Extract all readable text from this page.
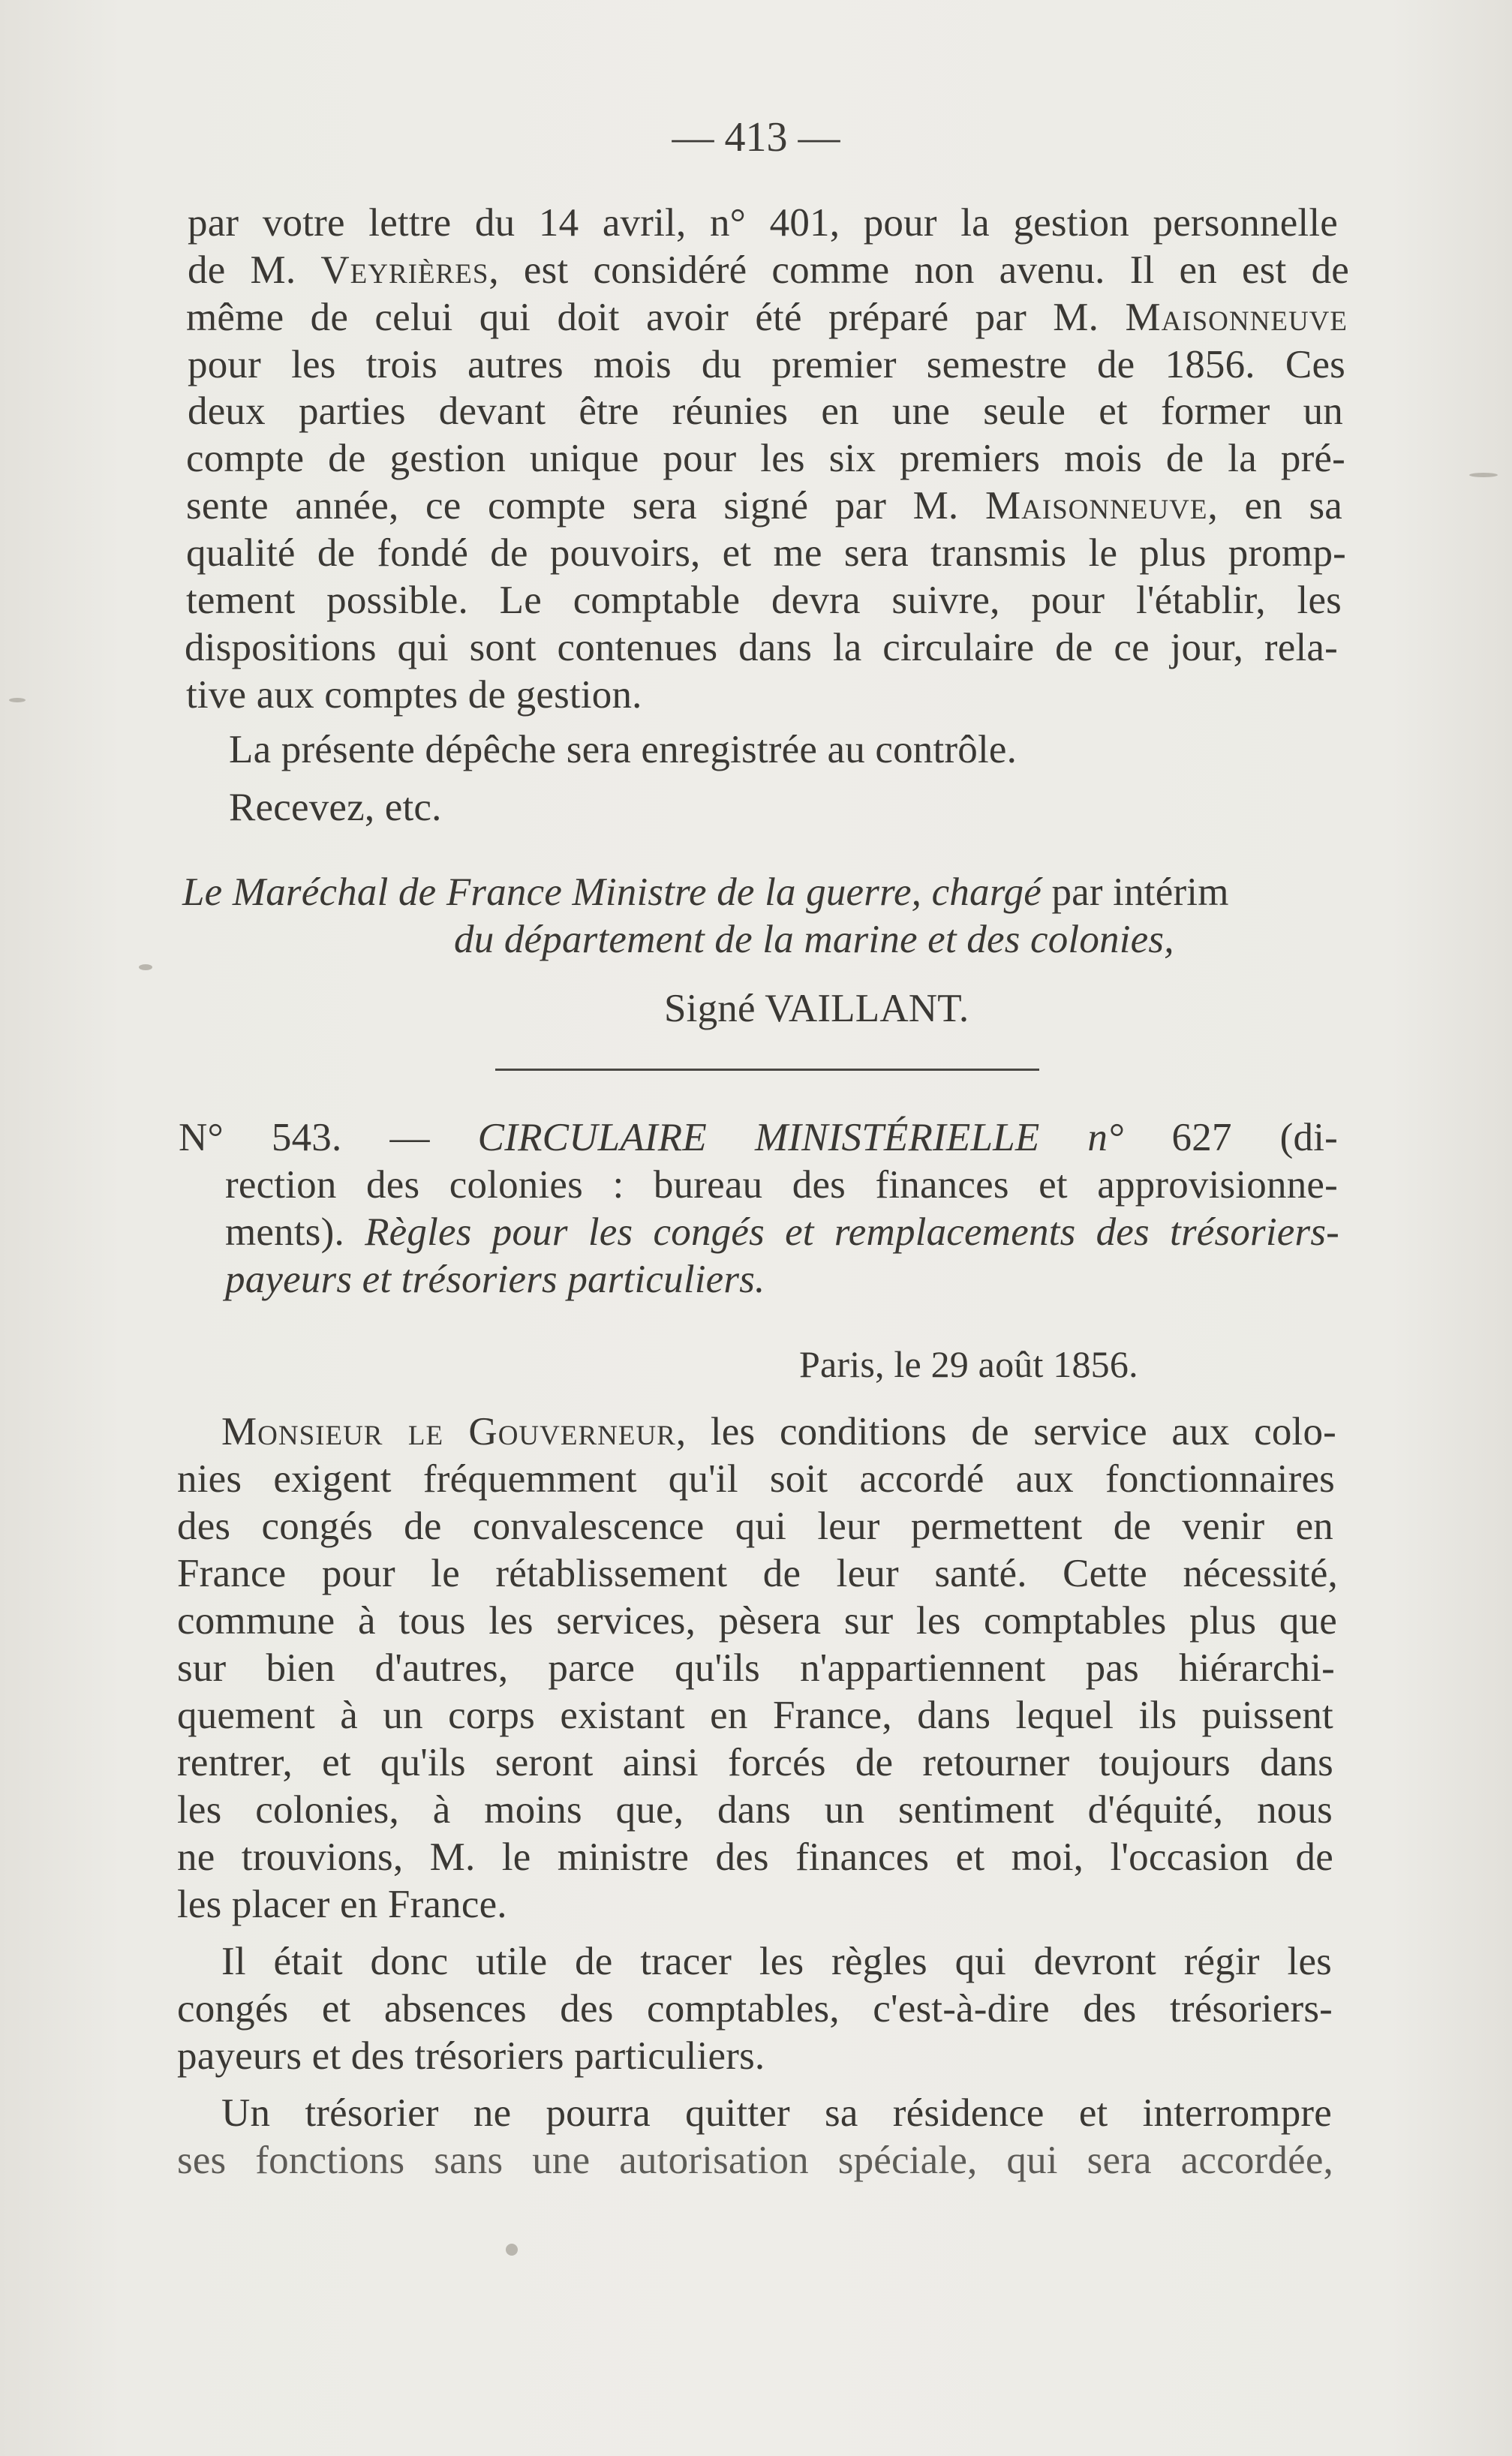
— 413 —
par votre lettre du 14 avril, n° 401, pour la gestion personnelle
de M. Veyrières, est considéré comme non avenu. Il en est de
même de celui qui doit avoir été préparé par M. Maisonneuve
pour les trois autres mois du premier semestre de 1856. Ces
deux parties devant être réunies en une seule et former un
compte de gestion unique pour les six premiers mois de la pré-
sente année, ce compte sera signé par M. Maisonneuve, en sa
qualité de fondé de pouvoirs, et me sera transmis le plus promp-
tement possible. Le comptable devra suivre, pour l'établir, les
dispositions qui sont contenues dans la circulaire de ce jour, rela-
tive aux comptes de gestion.
La présente dépêche sera enregistrée au contrôle.
Recevez, etc.
Le Maréchal de France Ministre de la guerre, chargé par intérim
du département de la marine et des colonies,
Signé VAILLANT.
N° 543. — CIRCULAIRE MINISTÉRIELLE n° 627 (di-
rection des colonies : bureau des finances et approvisionne-
ments). Règles pour les congés et remplacements des trésoriers-
payeurs et trésoriers particuliers.
Paris, le 29 août 1856.
Monsieur le Gouverneur, les conditions de service aux colo-
nies exigent fréquemment qu'il soit accordé aux fonctionnaires
des congés de convalescence qui leur permettent de venir en
France pour le rétablissement de leur santé. Cette nécessité,
commune à tous les services, pèsera sur les comptables plus que
sur bien d'autres, parce qu'ils n'appartiennent pas hiérarchi-
quement à un corps existant en France, dans lequel ils puissent
rentrer, et qu'ils seront ainsi forcés de retourner toujours dans
les colonies, à moins que, dans un sentiment d'équité, nous
ne trouvions, M. le ministre des finances et moi, l'occasion de
les placer en France.
Il était donc utile de tracer les règles qui devront régir les
congés et absences des comptables, c'est-à-dire des trésoriers-
payeurs et des trésoriers particuliers.
Un trésorier ne pourra quitter sa résidence et interrompre
ses fonctions sans une autorisation spéciale, qui sera accordée,
